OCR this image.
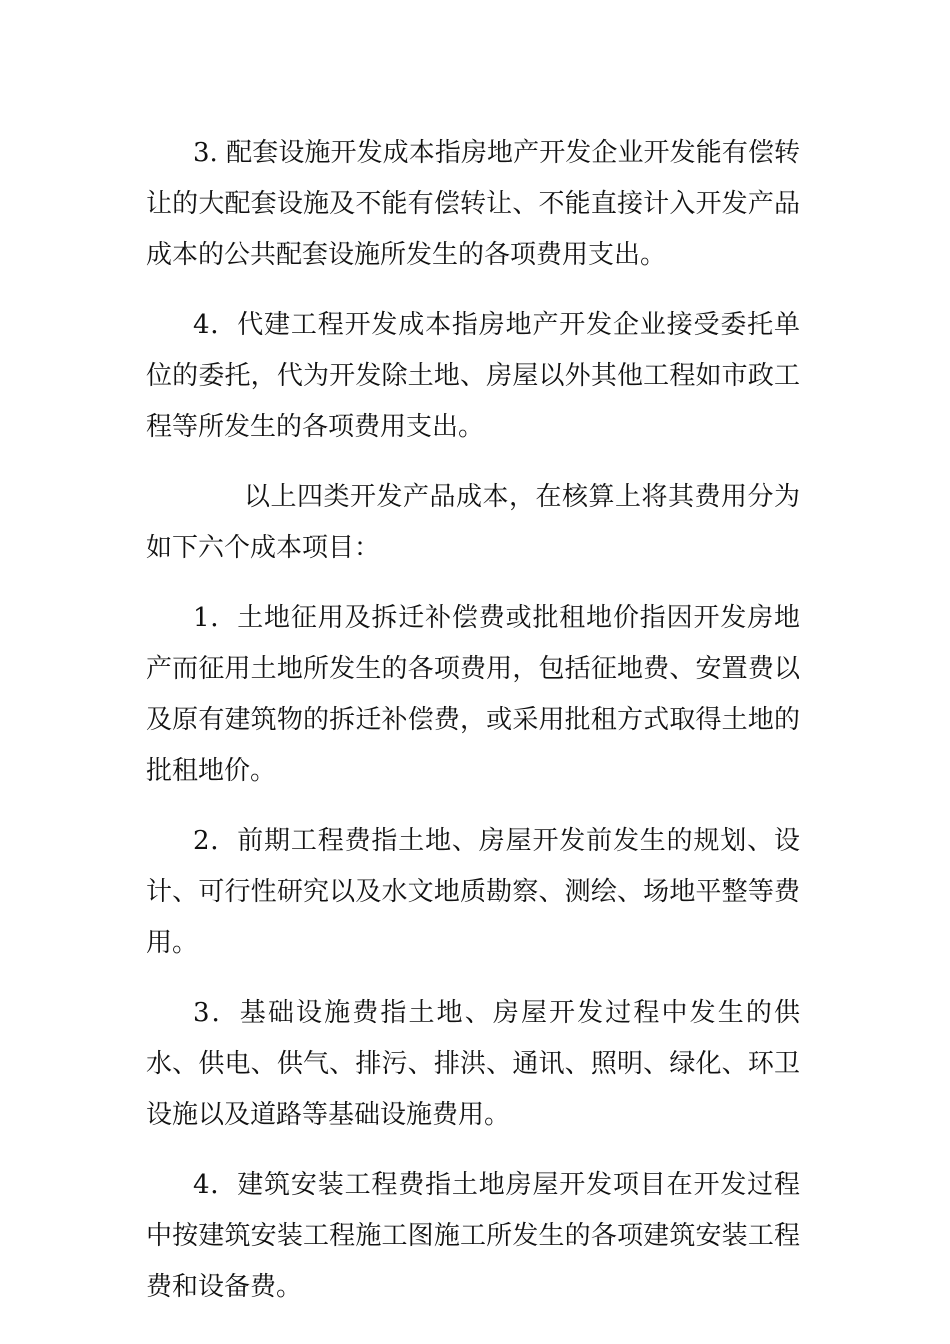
3. 配套设施开发成本指房地产开发企业开发能有偿转让的大配套设施及不能有偿转让、不能直接计入开发产品成本的公共配套设施所发生的各项费用支出。

4．代建工程开发成本指房地产开发企业接受委托单位的委托，代为开发除土地、房屋以外其他工程如市政工程等所发生的各项费用支出。

以上四类开发产品成本，在核算上将其费用分为如下六个成本项目：

1．土地征用及拆迁补偿费或批租地价指因开发房地产而征用土地所发生的各项费用，包括征地费、安置费以及原有建筑物的拆迁补偿费，或采用批租方式取得土地的批租地价。

2．前期工程费指土地、房屋开发前发生的规划、设计、可行性研究以及水文地质勘察、测绘、场地平整等费用。

3．基础设施费指土地、房屋开发过程中发生的供水、供电、供气、排污、排洪、通讯、照明、绿化、环卫设施以及道路等基础设施费用。

4．建筑安装工程费指土地房屋开发项目在开发过程中按建筑安装工程施工图施工所发生的各项建筑安装工程费和设备费。
